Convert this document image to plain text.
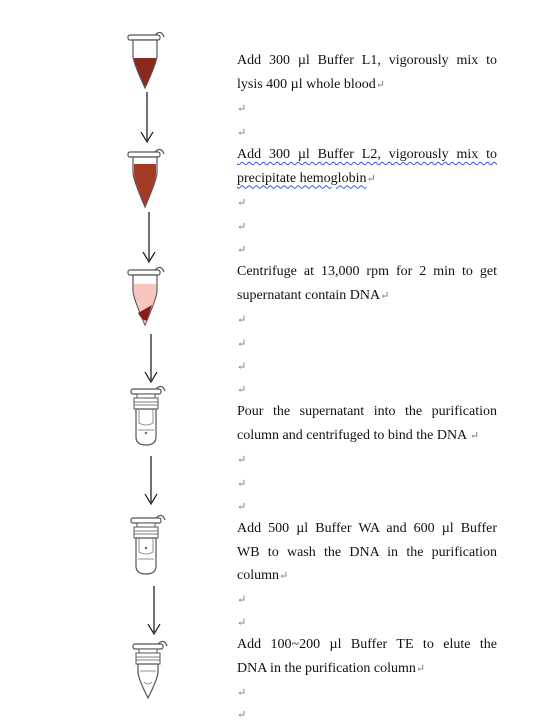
Add 300 µl Buffer L1, vigorously mix to
lysis 400 µl whole blood↵
↵
↵
Add 300 µl Buffer L2, vigorously mix to
precipitate hemoglobin↵
↵
↵
↵
Centrifuge at 13,000 rpm for 2 min to get
supernatant contain DNA↵
↵
↵
↵
↵
Pour the supernatant into the purification
column and centrifuged to bind the DNA ↵
↵
↵
↵
Add 500 µl Buffer WA and 600 µl Buffer
WB to wash the DNA in the purification
column↵
↵
↵
Add 100~200 µl Buffer TE to elute the
DNA in the purification column↵
↵
↵
